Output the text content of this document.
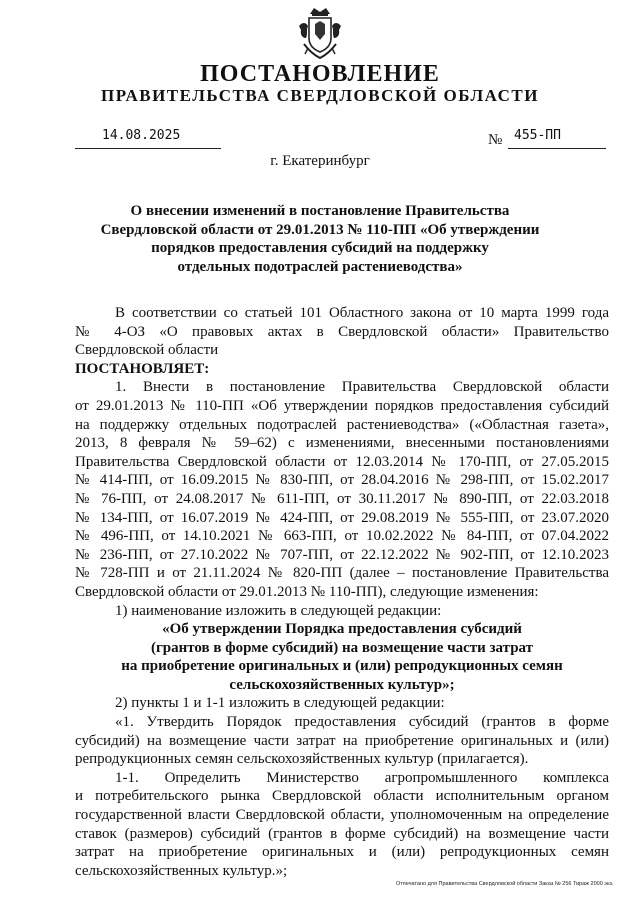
ПОСТАНОВЛЕНИЕ
ПРАВИТЕЛЬСТВА СВЕРДЛОВСКОЙ ОБЛАСТИ
14.08.2025	№ 455-ПП
г. Екатеринбург
О внесении изменений в постановление Правительства
Свердловской области от 29.01.2013 № 110-ПП «Об утверждении
порядков предоставления субсидий на поддержку
отдельных подотраслей растениеводства»
В соответствии со статьей 101 Областного закона от 10 марта 1999 года
№ 4-ОЗ «О правовых актах в Свердловской области» Правительство
Свердловской области
ПОСТАНОВЛЯЕТ:
1. Внести в постановление Правительства Свердловской области
от 29.01.2013 № 110-ПП «Об утверждении порядков предоставления субсидий
на поддержку отдельных подотраслей растениеводства» («Областная газета»,
2013, 8 февраля № 59–62) с изменениями, внесенными постановлениями
Правительства Свердловской области от 12.03.2014 № 170-ПП, от 27.05.2015
№ 414-ПП, от 16.09.2015 № 830-ПП, от 28.04.2016 № 298-ПП, от 15.02.2017
№ 76-ПП, от 24.08.2017 № 611-ПП, от 30.11.2017 № 890-ПП, от 22.03.2018
№ 134-ПП, от 16.07.2019 № 424-ПП, от 29.08.2019 № 555-ПП, от 23.07.2020
№ 496-ПП, от 14.10.2021 № 663-ПП, от 10.02.2022 № 84-ПП, от 07.04.2022
№ 236-ПП, от 27.10.2022 № 707-ПП, от 22.12.2022 № 902-ПП, от 12.10.2023
№ 728-ПП и от 21.11.2024 № 820-ПП (далее – постановление Правительства
Свердловской области от 29.01.2013 № 110-ПП), следующие изменения:
1) наименование изложить в следующей редакции:
«Об утверждении Порядка предоставления субсидий
(грантов в форме субсидий) на возмещение части затрат
на приобретение оригинальных и (или) репродукционных семян
сельскохозяйственных культур»;
2) пункты 1 и 1-1 изложить в следующей редакции:
«1. Утвердить Порядок предоставления субсидий (грантов в форме
субсидий) на возмещение части затрат на приобретение оригинальных и (или)
репродукционных семян сельскохозяйственных культур (прилагается).
1-1. Определить Министерство агропромышленного комплекса
и потребительского рынка Свердловской области исполнительным органом
государственной власти Свердловской области, уполномоченным на определение
ставок (размеров) субсидий (грантов в форме субсидий) на возмещение части
затрат на приобретение оригинальных и (или) репродукционных семян
сельскохозяйственных культур.»;
Отпечатано для Правительства Свердловской области Заказ № 256 Тираж 2000 экз.
